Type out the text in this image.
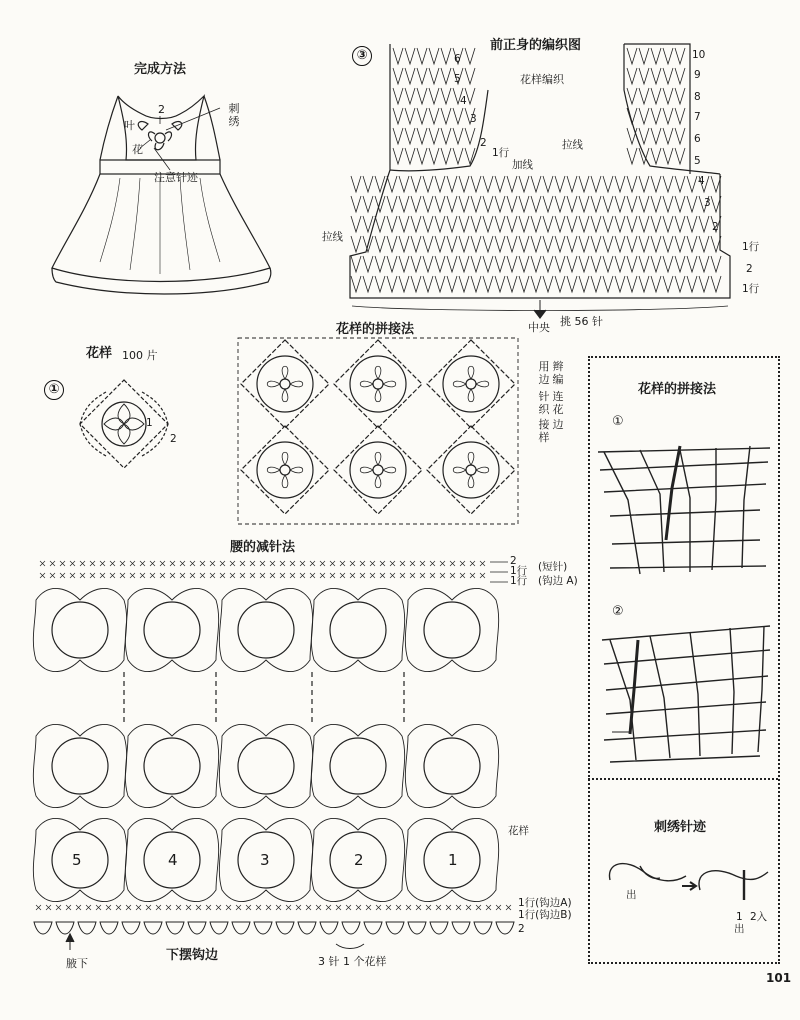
完成方法
刺绣
叶
花
2
注意针迹
③
前正身的编织图
花样编织
6
5
4
3
2
1行
加线
拉线
拉线
10
9
8
7
6
5
4
3
2
1行
2
1行
中央 挑 56 针
①
花样 100 片
1
2
花样的拼接法
用边
辫编
针织
连花
接样
边
花样的拼接法
①
②
刺绣针迹
出
1 2入
出
腰的减针法
2
1行
1行
(短针)
(钩边 A)
5	4	3	2	1
花样
1行(钩边A)
1行(钩边B)
2
腋下
下摆钩边	3 针 1 个花样
101
